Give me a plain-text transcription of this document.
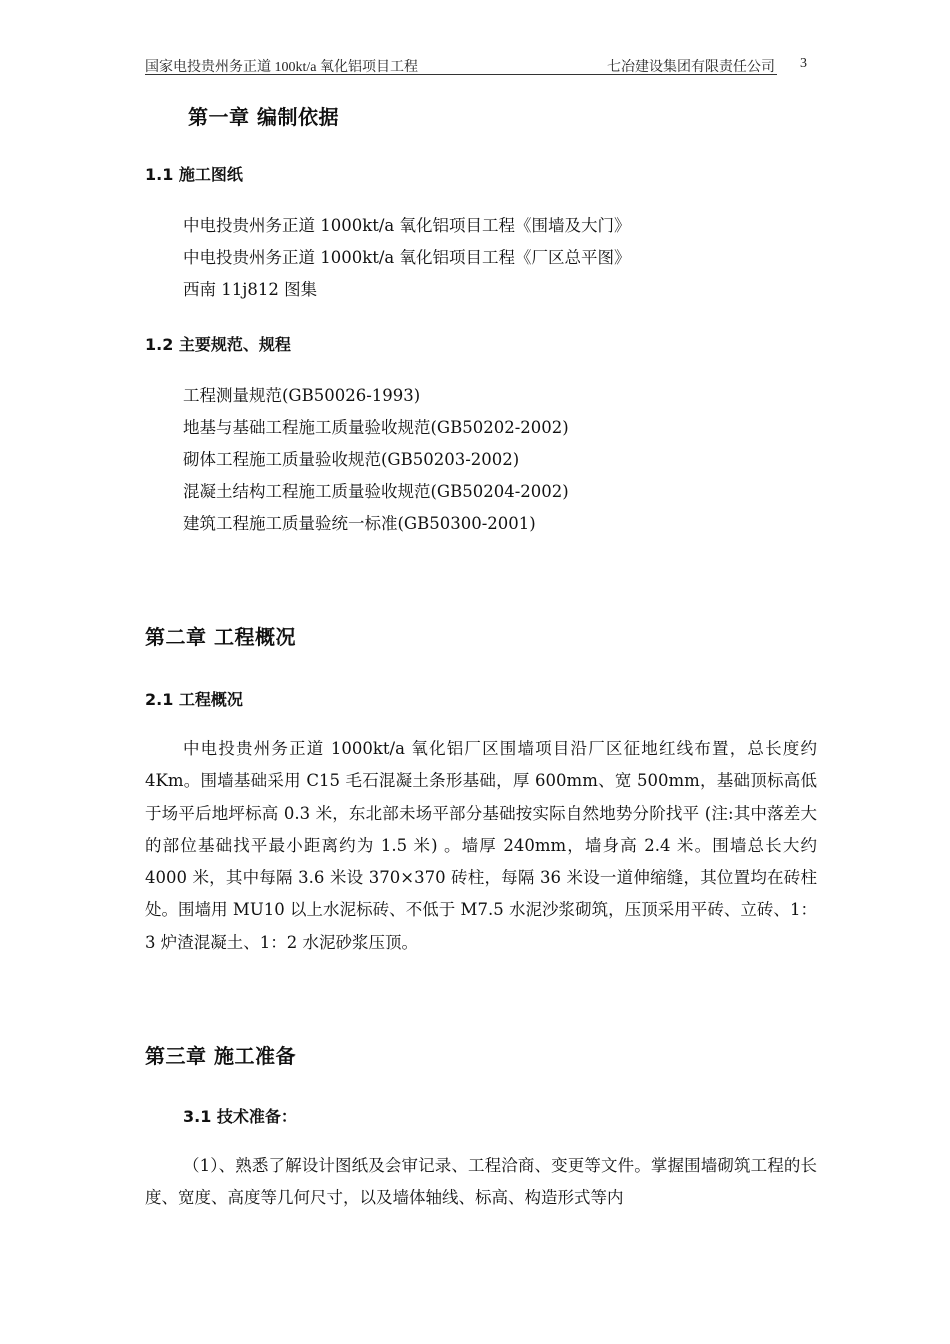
国家电投贵州务正道 100kt/a 氧化铝项目工程	七冶建设集团有限责任公司 3
第一章 编制依据
1.1 施工图纸
中电投贵州务正道 1000kt/a 氧化铝项目工程《围墙及大门》
中电投贵州务正道 1000kt/a 氧化铝项目工程《厂区总平图》
西南 11j812 图集
1.2 主要规范、规程
工程测量规范(GB50026-1993)
地基与基础工程施工质量验收规范(GB50202-2002)
砌体工程施工质量验收规范(GB50203-2002)
混凝土结构工程施工质量验收规范(GB50204-2002)
建筑工程施工质量验统一标准(GB50300-2001)
第二章 工程概况
2.1 工程概况
中电投贵州务正道 1000kt/a 氧化铝厂区围墙项目沿厂区征地红线布置，总长度约 4Km。围墙基础采用 C15 毛石混凝土条形基础，厚 600mm、宽 500mm，基础顶标高低于场平后地坪标高 0.3 米，东北部未场平部分基础按实际自然地势分阶找平 (注:其中落差大的部位基础找平最小距离约为 1.5 米) 。墙厚 240mm，墙身高 2.4 米。围墙总长大约 4000 米，其中每隔 3.6 米设 370×370 砖柱，每隔 36 米设一道伸缩缝，其位置均在砖柱处。围墙用 MU10 以上水泥标砖、不低于 M7.5 水泥沙浆砌筑，压顶采用平砖、立砖、1：3 炉渣混凝土、1：2 水泥砂浆压顶。
第三章 施工准备
3.1 技术准备：
（1）、熟悉了解设计图纸及会审记录、工程洽商、变更等文件。掌握围墙砌筑工程的长度、宽度、高度等几何尺寸，以及墙体轴线、标高、构造形式等内
